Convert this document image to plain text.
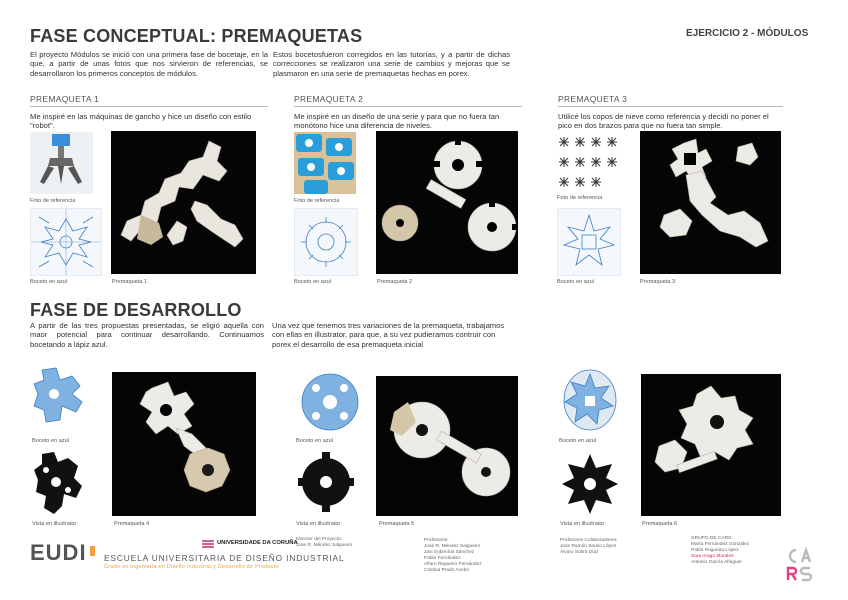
FASE CONCEPTUAL: PREMAQUETAS	EJERCICIO 2 - MÓDULOS
El proyecto Módulos se inició con una primera fase de bocetaje, en la que, a partir de unas fotos que nos sirvieron de referencias, se desarrollaron los primeros conceptos de módulos.
Estos bocetosfueron corregidos en las tutorías, y a partir de dichas correcciones se realizaron una serie de cambios y mejoras que se plasmaron en una serie de premaquetas hechas en porex.
PREMAQUETA 1	PREMAQUETA 2	PREMAQUETA 3
Me inspiré en las máquinas de gancho y hice un diseño con estilo "robot".
Me inspiré en un diseño de una serie y para que no fuera tan monótono hice una diferencia de niveles.
Utilicé los copos de nieve como referencia y decidí no poner el pico en dos brazos para que no fuera tan simple.
Foto de referencia
Boceto en azul	Premaqueta 1
Foto de referencia
Boceto en azul	Premaqueta 2
Foto de referencia
Boceto en azul	Premaqueta 3
FASE DE DESARROLLO
A partir de las tres propuestas presentadas, se eligió aquella con maor potencial para continuar desarrollando. Continuamos bocetando a lápiz azul.
Una vez que tenemos tres variaciones de la premaqueta, trabajamos con ellas en illustrator, para que, a su vez pudieramos contruir con porex el desarrollo de esa premaqueta inicial
Boceto en azul
Vista en illustrator	Premaqueta 4
Boceto en azul
Vista en illustrator	Premaqueta 5
Boceto en azul
Vista en illustrator	Premaqueta 6
EUDI	UNIVERSIDADE DA CORUÑA
ESCUELA UNIVERSITARIA DE DISEÑO INDUSTRIAL
Grado en Ingeniería en Diseño Industrial y Desarrollo de Producto
Director del Proyecto:
Jose R. Méndez Salgueiro
Profesores:
José R. Méndez Salgueiro
Javi Sobrinhal Sánchez
Pablo Fernández
Alfaro Regueiro Fernández
Cristina Prado Acebo
Profesores Colaboradores:
Jose Ramón Souso López
Álvaro Sotira Diaz
GRUPO DE CARS:
María Fernández González
Pablo Regueira López
Sara Arago Morales
Antonio García Alfaguer
